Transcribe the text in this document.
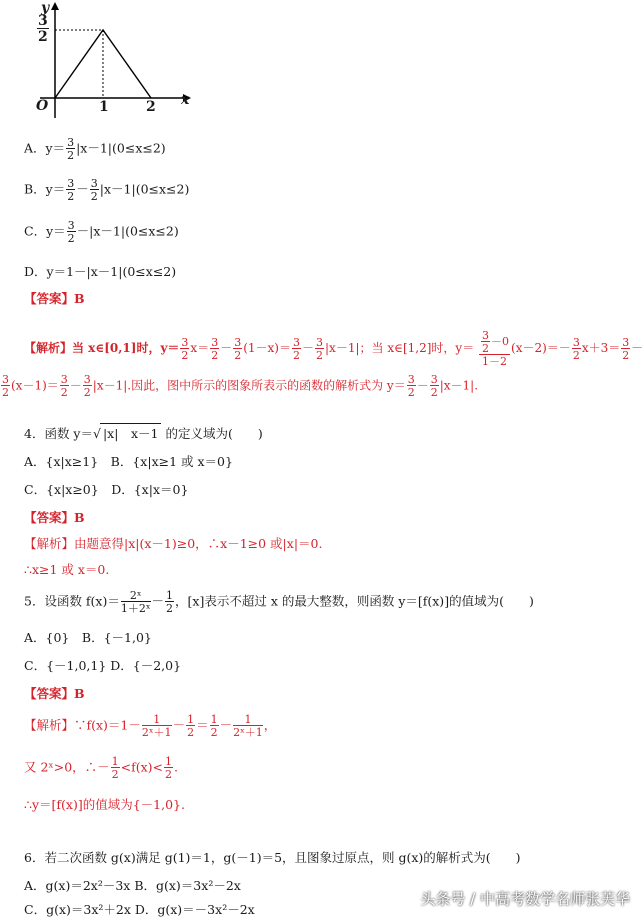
y
x
O
$\frac{3}{2}$
1	2
A．$y= \frac{3}{2} |x-1|(0\le x\le 2)$
B．$y= \frac{3}{2} - \frac{3}{2} |x-1|(0\le x\le 2)$
C．$y= \frac{3}{2} -|x-1|(0\le x\le 2)$
D．y＝1－|x－1|(0≤x≤2)
【答案】B
【解析】当 x∈[0,1]时，$y= \frac{3}{2} x= \frac{3}{2} - \frac{3}{2} (1-x)= \frac{3}{2} - \frac{3}{2} |x-1|$；当 x∈[1,2]时，$y= \frac{\frac{3}{2} -0}{1-2} (x-2)=- \frac{3}{2} x+3= \frac{3}{2}$ －
$\frac{3}{2} (x-1)= \frac{3}{2} - \frac{3}{2} |x-1|$.因此，图中所示的图象所表示的函数的解析式为 $y= \frac{3}{2} - \frac{3}{2} |x-1|$.
4．函数 y＝√ |x|　x－1 的定义域为(　　)
A．{x|x≥1}　B．{x|x≥1 或 x＝0}
C．{x|x≥0}　D．{x|x＝0}
【答案】B
【解析】由题意得|x|(x－1)≥0，∴x－1≥0 或|x|＝0.
∴x≥1 或 x＝0.
5．设函数 $f(x)= \frac{\text{2ˣ}}{\text{1＋2ˣ}} - \frac{1}{2}$ ，[x]表示不超过 x 的最大整数，则函数 y＝[f(x)]的值域为(　　)
A．{0}　B．{－1,0}
C．{－1,0,1} D．{－2,0}
【答案】B
【解析】∵f(x)＝1－ $\frac{1}{\text{2ˣ＋1}} - \frac{1}{2} = \frac{1}{2} - \frac{1}{\text{2ˣ＋1}}$ ，
又 2ˣ>0，∴－ $\frac{1}{2} <f(x)< \frac{1}{2}$ .
∴y＝[f(x)]的值域为{－1,0}.
6．若二次函数 g(x)满足 g(1)＝1，g(－1)＝5，且图象过原点，则 g(x)的解析式为(　　)
A．g(x)＝2x²－3x B．g(x)＝3x²－2x
C．g(x)＝3x²＋2x D．g(x)＝－3x²－2x
头条号 / 中高考数学名师张芙华
